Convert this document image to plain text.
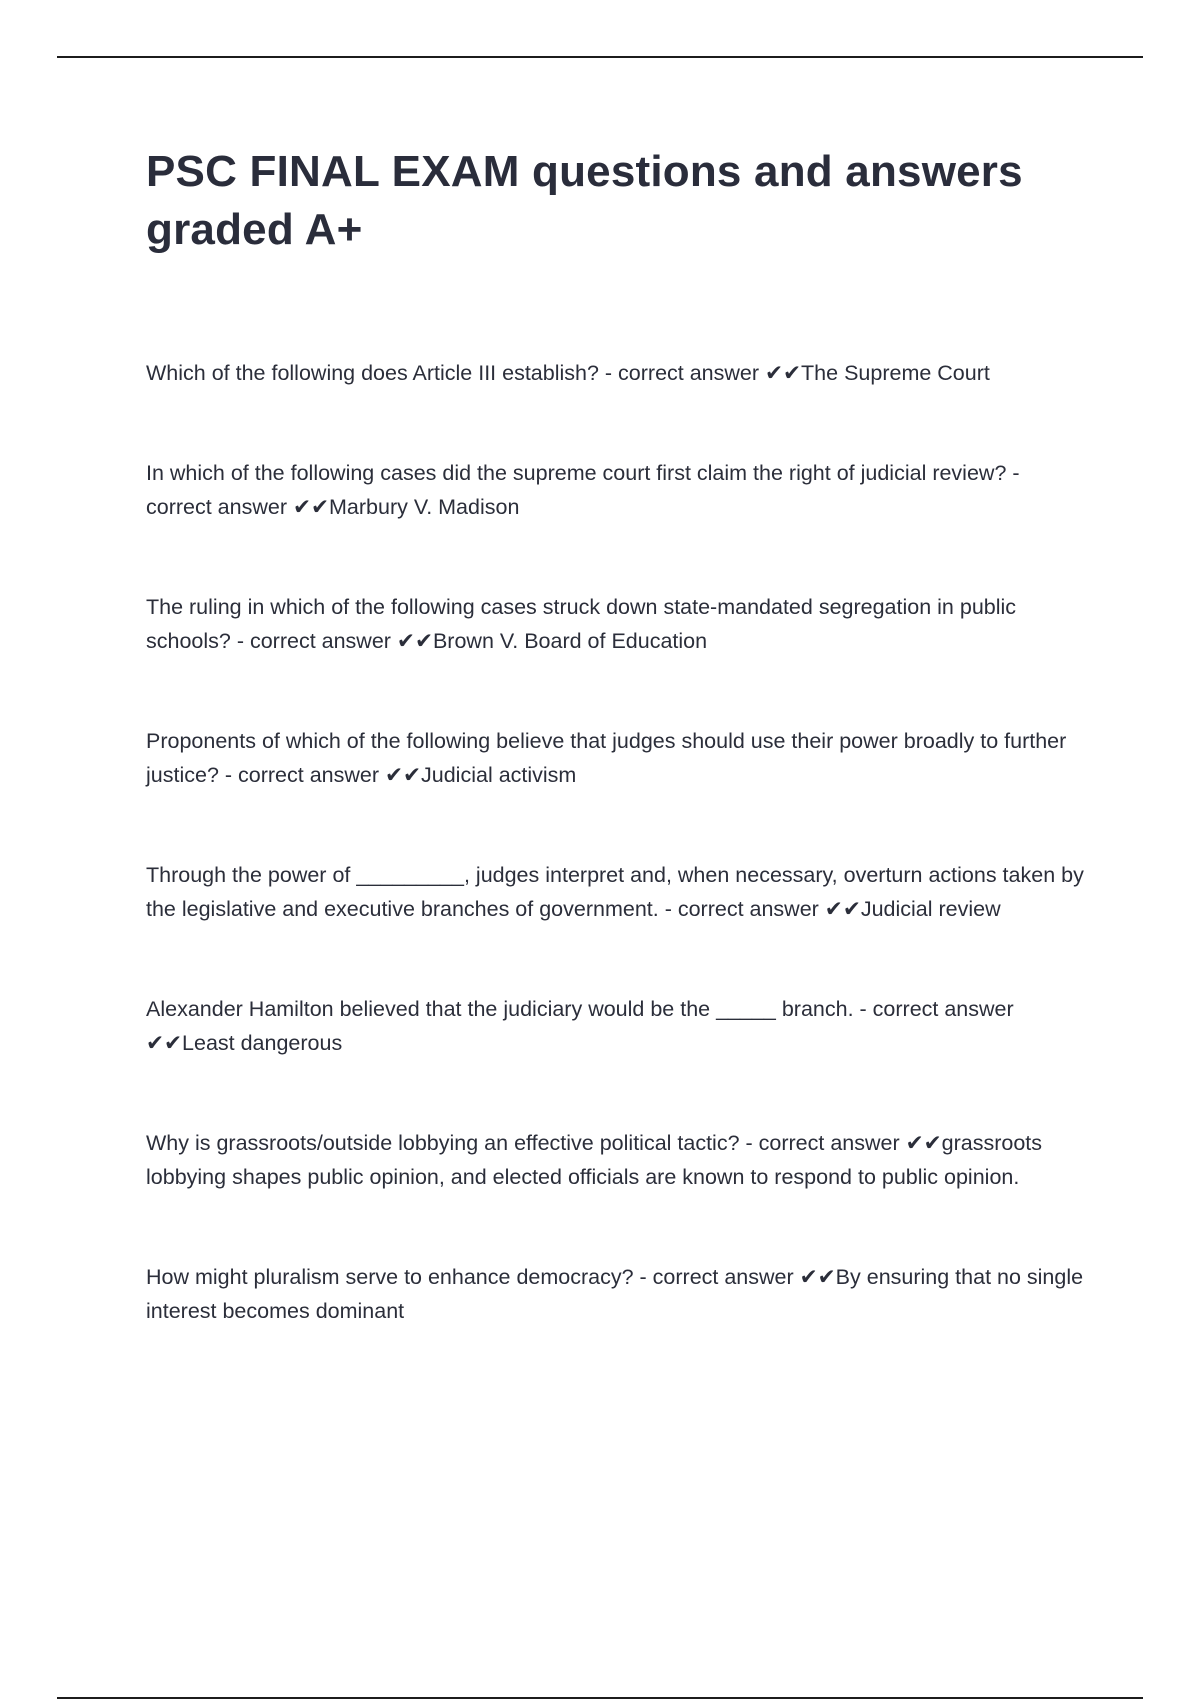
PSC FINAL EXAM questions and answers graded A+
Which of the following does Article III establish? - correct answer ✔✔The Supreme Court
In which of the following cases did the supreme court first claim the right of judicial review? - correct answer ✔✔Marbury V. Madison
The ruling in which of the following cases struck down state-mandated segregation in public schools? - correct answer ✔✔Brown V. Board of Education
Proponents of which of the following believe that judges should use their power broadly to further justice? - correct answer ✔✔Judicial activism
Through the power of _________, judges interpret and, when necessary, overturn actions taken by the legislative and executive branches of government. - correct answer ✔✔Judicial review
Alexander Hamilton believed that the judiciary would be the _____ branch. - correct answer ✔✔Least dangerous
Why is grassroots/outside lobbying an effective political tactic? - correct answer ✔✔grassroots lobbying shapes public opinion, and elected officials are known to respond to public opinion.
How might pluralism serve to enhance democracy? - correct answer ✔✔By ensuring that no single interest becomes dominant
